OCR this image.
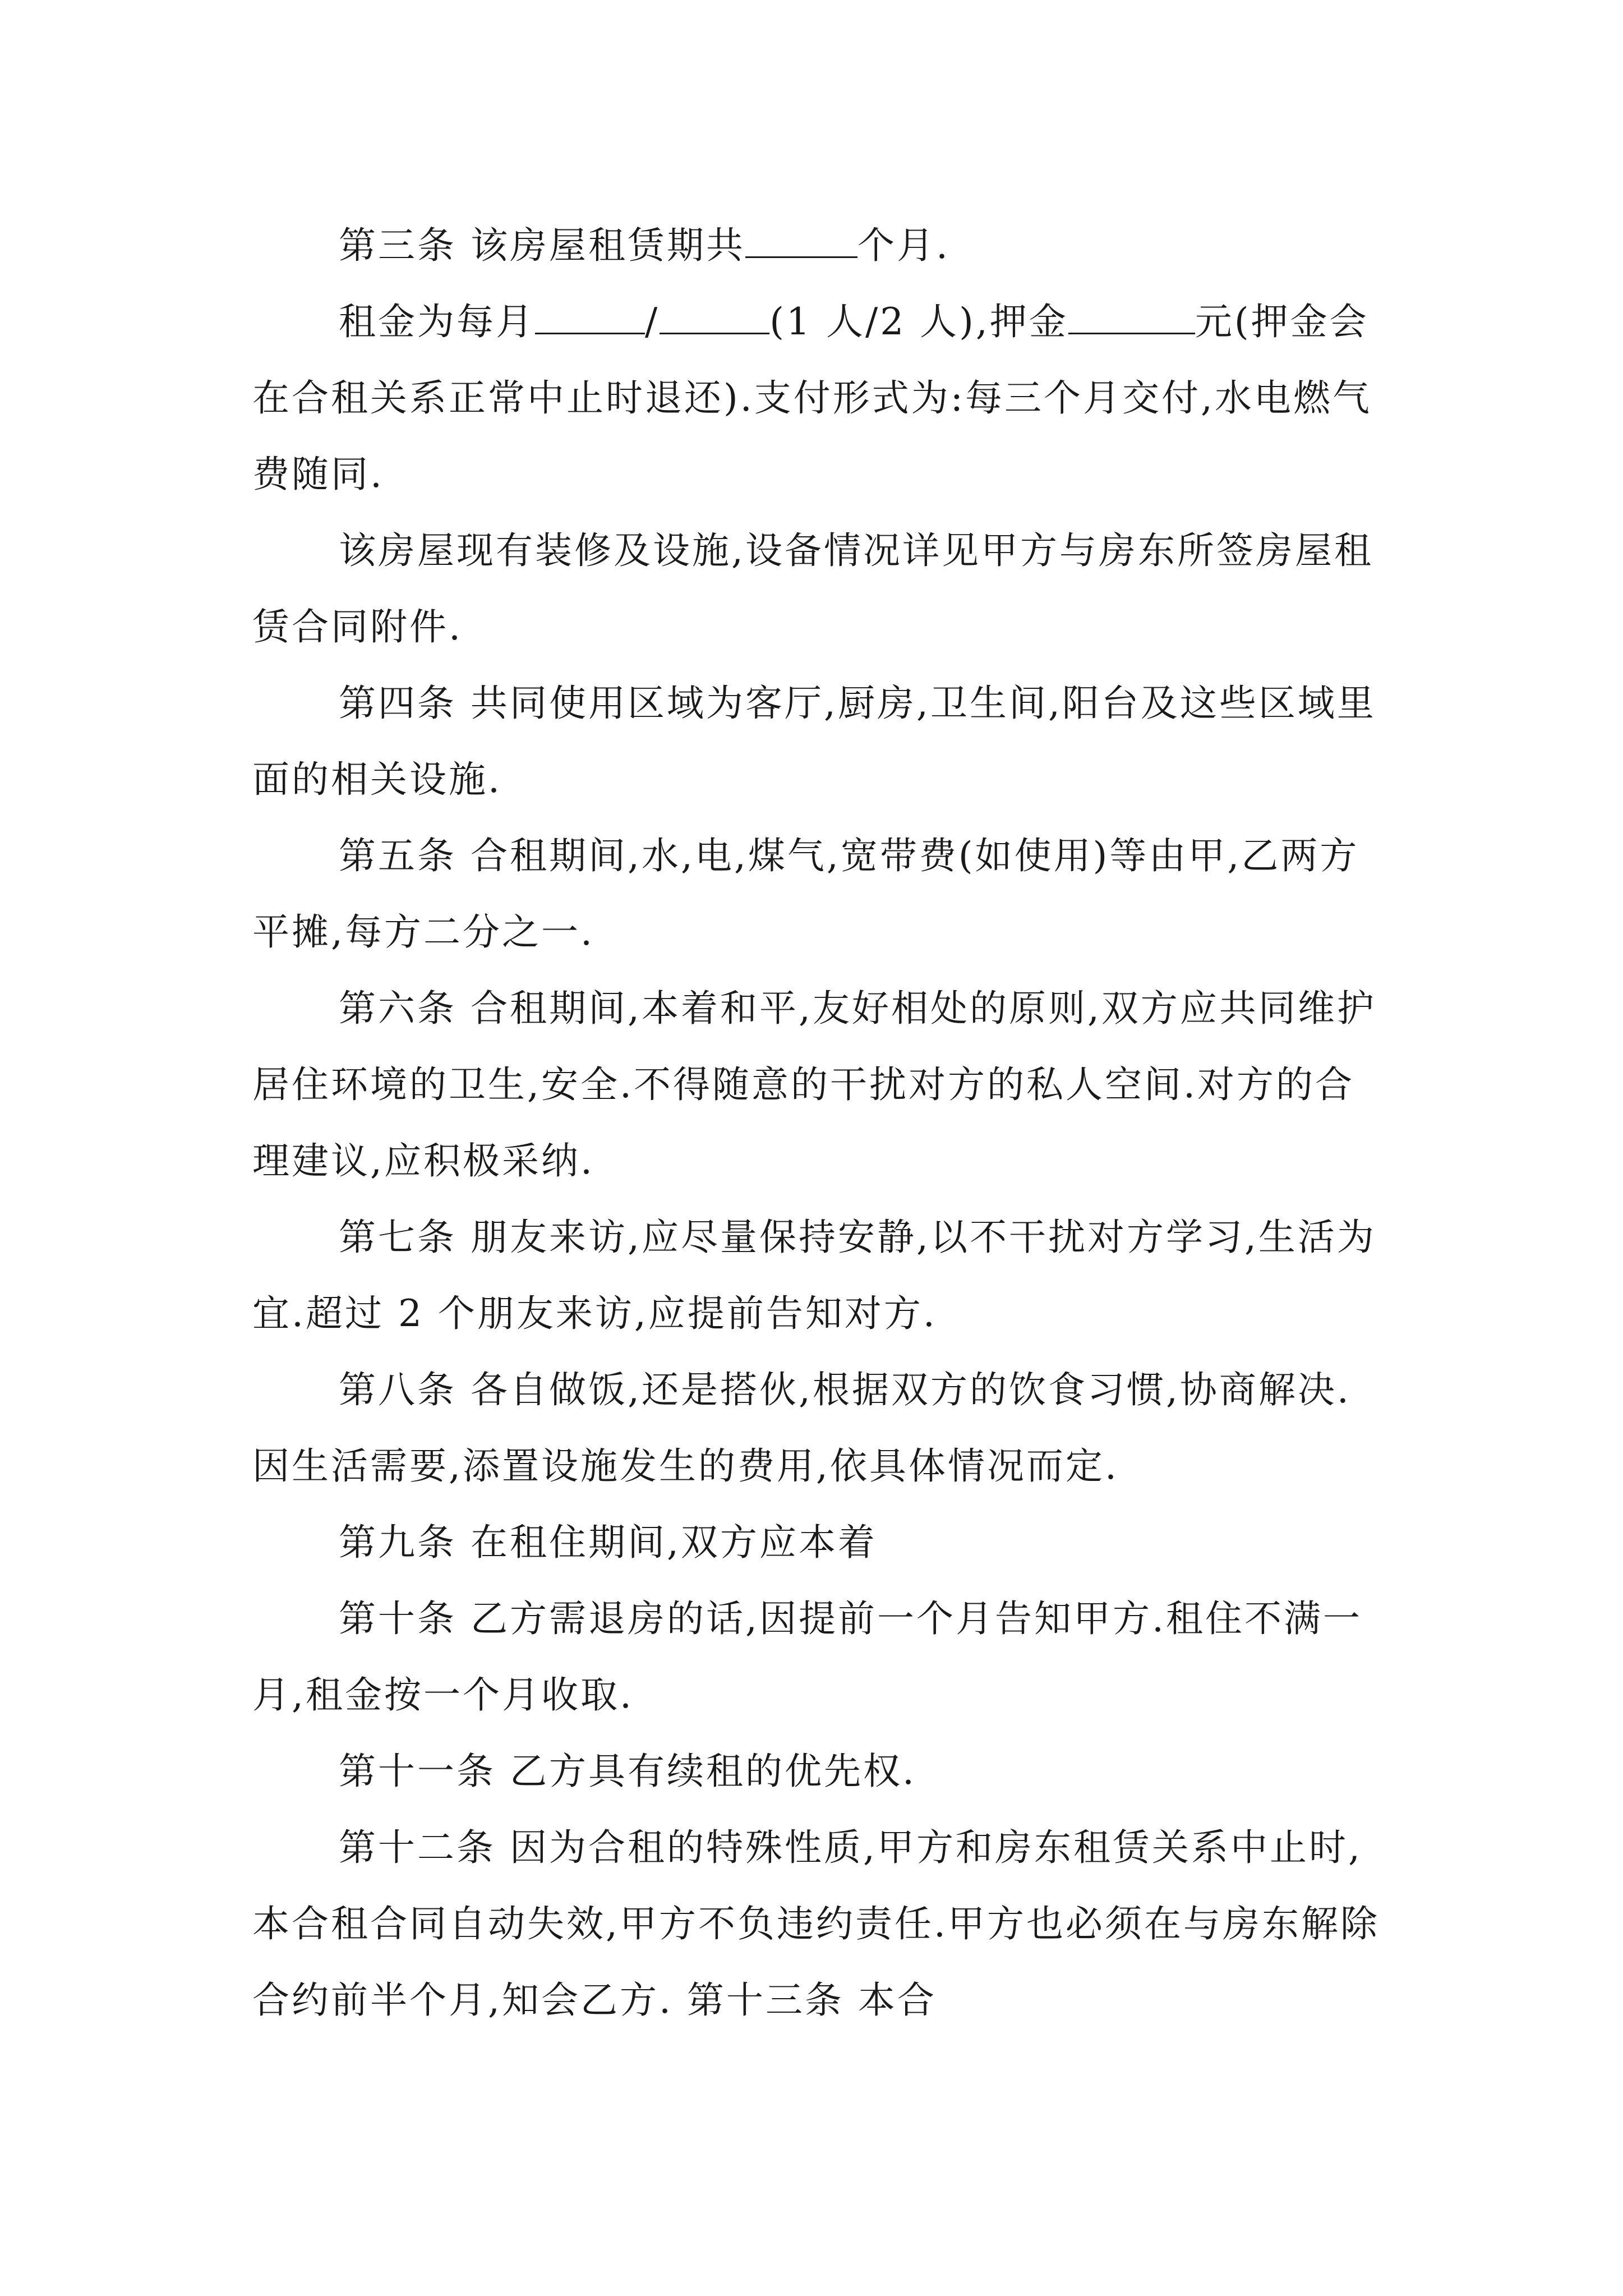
第三条 该房屋租赁期共	个月.

租金为每月	/	(1 人/2 人),押金	元(押金会在合租关系正常中止时退还).支付形式为:每三个月交付,水电燃气费随同.

该房屋现有装修及设施,设备情况详见甲方与房东所签房屋租赁合同附件.

第四条 共同使用区域为客厅,厨房,卫生间,阳台及这些区域里面的相关设施.

第五条 合租期间,水,电,煤气,宽带费(如使用)等由甲,乙两方平摊,每方二分之一.

第六条 合租期间,本着和平,友好相处的原则,双方应共同维护居住环境的卫生,安全.不得随意的干扰对方的私人空间.对方的合理建议,应积极采纳.

第七条 朋友来访,应尽量保持安静,以不干扰对方学习,生活为宜.超过 2 个朋友来访,应提前告知对方.

第八条 各自做饭,还是搭伙,根据双方的饮食习惯,协商解决.因生活需要,添置设施发生的费用,依具体情况而定.

第九条 在租住期间,双方应本着

第十条 乙方需退房的话,因提前一个月告知甲方.租住不满一月,租金按一个月收取.

第十一条 乙方具有续租的优先权.

第十二条 因为合租的特殊性质,甲方和房东租赁关系中止时,本合租合同自动失效,甲方不负违约责任.甲方也必须在与房东解除合约前半个月,知会乙方. 第十三条 本合
